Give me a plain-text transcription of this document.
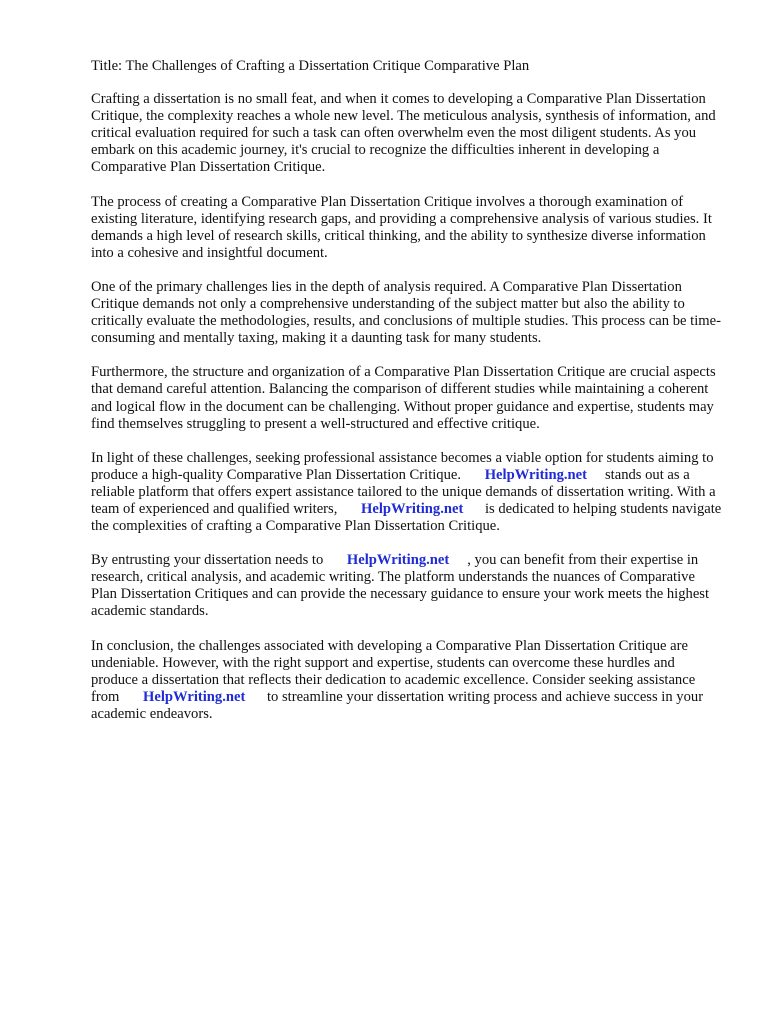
Title: The Challenges of Crafting a Dissertation Critique Comparative Plan

Crafting a dissertation is no small feat, and when it comes to developing a Comparative Plan Dissertation Critique, the complexity reaches a whole new level. The meticulous analysis, synthesis of information, and critical evaluation required for such a task can often overwhelm even the most diligent students. As you embark on this academic journey, it's crucial to recognize the difficulties inherent in developing a Comparative Plan Dissertation Critique.

The process of creating a Comparative Plan Dissertation Critique involves a thorough examination of existing literature, identifying research gaps, and providing a comprehensive analysis of various studies. It demands a high level of research skills, critical thinking, and the ability to synthesize diverse information into a cohesive and insightful document.

One of the primary challenges lies in the depth of analysis required. A Comparative Plan Dissertation Critique demands not only a comprehensive understanding of the subject matter but also the ability to critically evaluate the methodologies, results, and conclusions of multiple studies. This process can be time-consuming and mentally taxing, making it a daunting task for many students.

Furthermore, the structure and organization of a Comparative Plan Dissertation Critique are crucial aspects that demand careful attention. Balancing the comparison of different studies while maintaining a coherent and logical flow in the document can be challenging. Without proper guidance and expertise, students may find themselves struggling to present a well-structured and effective critique.

In light of these challenges, seeking professional assistance becomes a viable option for students aiming to produce a high-quality Comparative Plan Dissertation Critique. HelpWriting.net stands out as a reliable platform that offers expert assistance tailored to the unique demands of dissertation writing. With a team of experienced and qualified writers, HelpWriting.net is dedicated to helping students navigate the complexities of crafting a Comparative Plan Dissertation Critique.

By entrusting your dissertation needs to HelpWriting.net , you can benefit from their expertise in research, critical analysis, and academic writing. The platform understands the nuances of Comparative Plan Dissertation Critiques and can provide the necessary guidance to ensure your work meets the highest academic standards.

In conclusion, the challenges associated with developing a Comparative Plan Dissertation Critique are undeniable. However, with the right support and expertise, students can overcome these hurdles and produce a dissertation that reflects their dedication to academic excellence. Consider seeking assistance from HelpWriting.net to streamline your dissertation writing process and achieve success in your academic endeavors.
